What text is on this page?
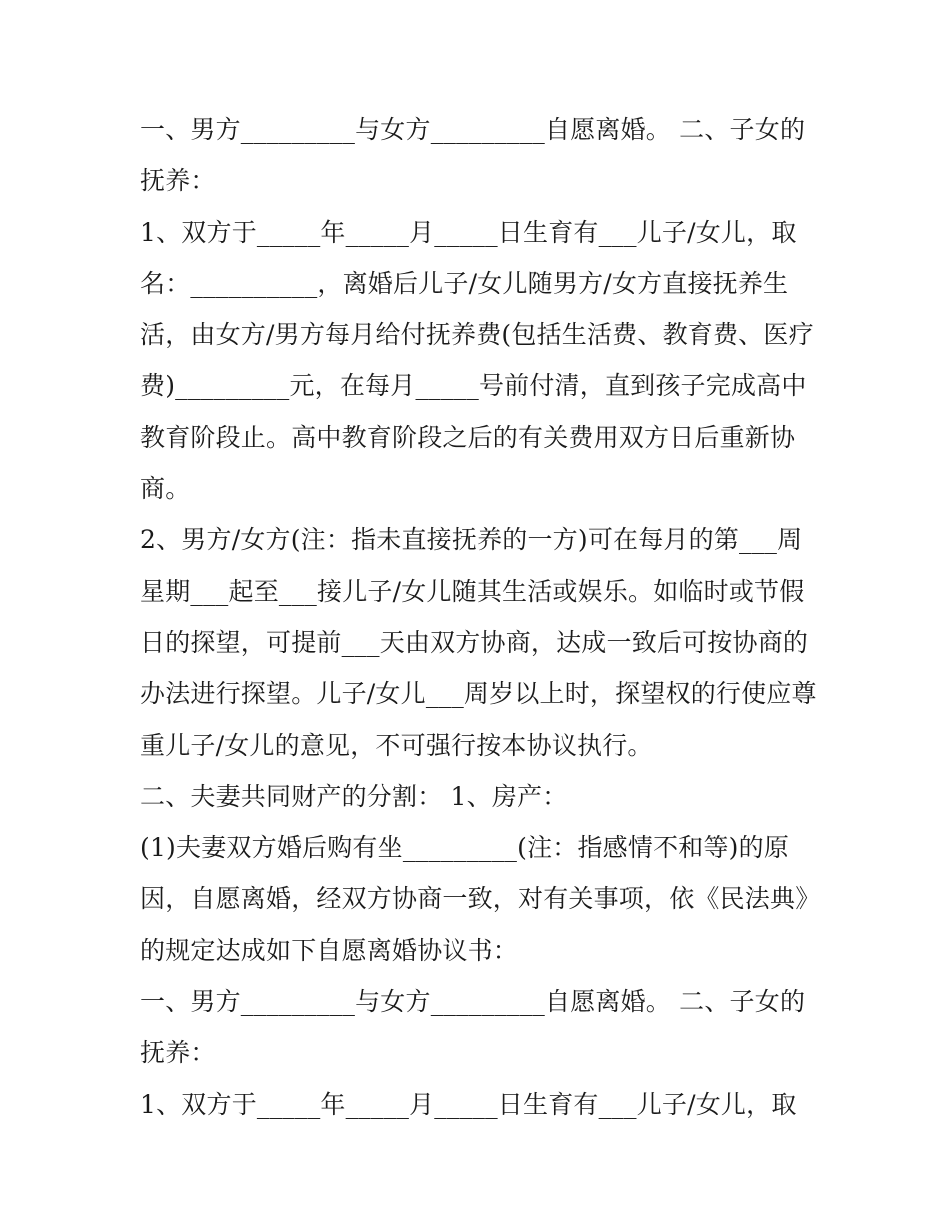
一、男方_________与女方_________自愿离婚。 二、子女的
抚养：
1、双方于_____年_____月_____日生育有___儿子/女儿，取
名：__________，离婚后儿子/女儿随男方/女方直接抚养生
活，由女方/男方每月给付抚养费(包括生活费、教育费、医疗
费)_________元，在每月_____号前付清，直到孩子完成高中
教育阶段止。高中教育阶段之后的有关费用双方日后重新协
商。
2、男方/女方(注：指未直接抚养的一方)可在每月的第___周
星期___起至___接儿子/女儿随其生活或娱乐。如临时或节假
日的探望，可提前___天由双方协商，达成一致后可按协商的
办法进行探望。儿子/女儿___周岁以上时，探望权的行使应尊
重儿子/女儿的意见，不可强行按本协议执行。
二、夫妻共同财产的分割： 1、房产：
(1)夫妻双方婚后购有坐_________(注：指感情不和等)的原
因，自愿离婚，经双方协商一致，对有关事项，依《民法典》
的规定达成如下自愿离婚协议书：
一、男方_________与女方_________自愿离婚。 二、子女的
抚养：
1、双方于_____年_____月_____日生育有___儿子/女儿，取
